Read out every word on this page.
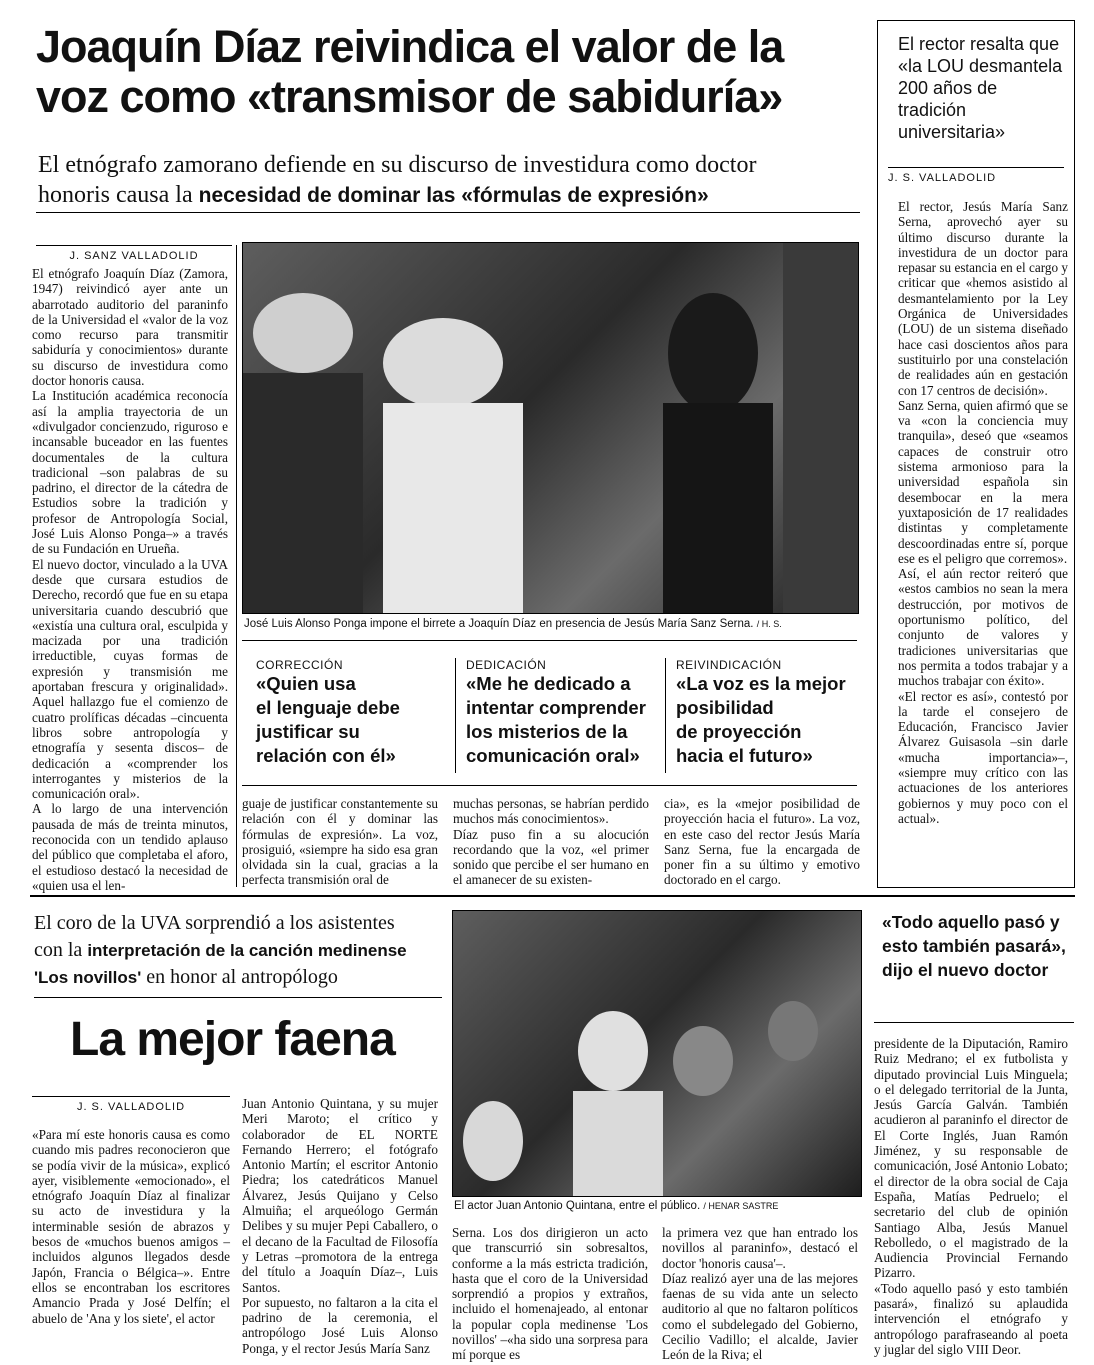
Joaquín Díaz reivindica el valor de la
voz como «transmisor de sabiduría»
El etnógrafo zamorano defiende en su discurso de investidura como doctor
honoris causa la necesidad de dominar las «fórmulas de expresión»
J. SANZ VALLADOLID

El etnógrafo Joaquín Díaz (Zamora, 1947) reivindicó ayer ante un abarrotado auditorio del paraninfo de la Universidad el «valor de la voz como recurso para transmitir sabiduría y conocimientos» durante su discurso de investidura como doctor honoris causa.
La Institución académica reconocía así la amplia trayectoria de un «divulgador concienzudo, riguroso e incansable buceador en las fuentes documentales de la cultura tradicional –son palabras de su padrino, el director de la cátedra de Estudios sobre la tradición y profesor de Antropología Social, José Luis Alonso Ponga–» a través de su Fundación en Urueña.
El nuevo doctor, vinculado a la UVA desde que cursara estudios de Derecho, recordó que fue en su etapa universitaria cuando descubrió que «existía una cultura oral, esculpida y macizada por una tradición irreductible, cuyas formas de expresión y transmisión me aportaban frescura y originalidad». Aquel hallazgo fue el comienzo de cuatro prolíficas décadas –cincuenta libros sobre antropología y etnografía y sesenta discos– de dedicación a «comprender los interrogantes y misterios de la comunicación oral».
A lo largo de una intervención pausada de más de treinta minutos, reconocida con un tendido aplauso del público que completaba el aforo, el estudioso destacó la necesidad de «quien usa el len-

José Luis Alonso Ponga impone el birrete a Joaquín Díaz en presencia de Jesús María Sanz Serna. / H. S.
CORRECCIÓN
«Quien usa
el lenguaje debe
justificar su
relación con él»
DEDICACIÓN
«Me he dedicado a
intentar comprender
los misterios de la
comunicación oral»
REIVINDICACIÓN
«La voz es la mejor
posibilidad
de proyección
hacia el futuro»

guaje de justificar constantemente su relación con él y dominar las fórmulas de expresión». La voz, prosiguió, «siempre ha sido esa gran olvidada sin la cual, gracias a la perfecta transmisión oral de

muchas personas, se habrían perdido muchos más conocimientos».
Díaz puso fin a su alocución recordando que la voz, «el primer sonido que percibe el ser humano en el amanecer de su existen-

cia», es la «mejor posibilidad de proyección hacia el futuro». La voz, en este caso del rector Jesús María Sanz Serna, fue la encargada de poner fin a su último y emotivo doctorado en el cargo.

El rector resalta que «la LOU desmantela 200 años de tradición universitaria»
J. S. VALLADOLID

El rector, Jesús María Sanz Serna, aprovechó ayer su último discurso durante la investidura de un doctor para repasar su estancia en el cargo y criticar que «hemos asistido al desmantelamiento por la Ley Orgánica de Universidades (LOU) de un sistema diseñado hace casi doscientos años para sustituirlo por una constelación de realidades aún en gestación con 17 centros de decisión».
Sanz Serna, quien afirmó que se va «con la conciencia muy tranquila», deseó que «seamos capaces de construir otro sistema armonioso para la universidad española sin desembocar en la mera yuxtaposición de 17 realidades distintas y completamente descoordinadas entre sí, porque ese es el peligro que corremos».
Así, el aún rector reiteró que «estos cambios no sean la mera destrucción, por motivos de oportunismo político, del conjunto de valores y tradiciones universitarias que nos permita a todos trabajar y a muchos trabajar con éxito».
«El rector es así», contestó por la tarde el consejero de Educación, Francisco Javier Álvarez Guisasola –sin darle «mucha importancia»–, «siempre muy crítico con las actuaciones de los anteriores gobiernos y muy poco con el actual».

El coro de la UVA sorprendió a los asistentes
con la interpretación de la canción medinense
'Los novillos' en honor al antropólogo
La mejor faena
J. S. VALLADOLID

«Para mí este honoris causa es como cuando mis padres reconocieron que se podía vivir de la música», explicó ayer, visiblemente «emocionado», el etnógrafo Joaquín Díaz al finalizar su acto de investidura y la interminable sesión de abrazos y besos de «muchos buenos amigos –incluidos algunos llegados desde Japón, Francia o Bélgica–». Entre ellos se encontraban los escritores Amancio Prada y José Delfín; el abuelo de 'Ana y los siete', el actor

Juan Antonio Quintana, y su mujer Meri Maroto; el crítico y colaborador de EL NORTE Fernando Herrero; el fotógrafo Antonio Martín; el escritor Antonio Piedra; los catedráticos Manuel Álvarez, Jesús Quijano y Celso Almuiña; el arqueólogo Germán Delibes y su mujer Pepi Caballero, o el decano de la Facultad de Filosofía y Letras –promotora de la entrega del título a Joaquín Díaz–, Luis Santos.
Por supuesto, no faltaron a la cita el padrino de la ceremonia, el antropólogo José Luis Alonso Ponga, y el rector Jesús María Sanz

El actor Juan Antonio Quintana, entre el público. / HENAR SASTRE

Serna. Los dos dirigieron un acto que transcurrió sin sobresaltos, conforme a la más estricta tradición, hasta que el coro de la Universidad sorprendió a propios y extraños, incluido el homenajeado, al entonar la popular copla medinense 'Los novillos' –«ha sido una sorpresa para mí porque es

la primera vez que han entrado los novillos al paraninfo», destacó el doctor 'honoris causa'–.
Díaz realizó ayer una de las mejores faenas de su vida ante un selecto auditorio al que no faltaron políticos como el subdelegado del Gobierno, Cecilio Vadillo; el alcalde, Javier León de la Riva; el

«Todo aquello pasó y esto también pasará», dijo el nuevo doctor

presidente de la Diputación, Ramiro Ruiz Medrano; el ex futbolista y diputado provincial Luis Minguela; o el delegado territorial de la Junta, Jesús García Galván. También acudieron al paraninfo el director de El Corte Inglés, Juan Ramón Jiménez, y su responsable de comunicación, José Antonio Lobato; el director de la obra social de Caja España, Matías Pedruelo; el secretario del club de opinión Santiago Alba, Jesús Manuel Rebolledo, o el magistrado de la Audiencia Provincial Fernando Pizarro.
«Todo aquello pasó y esto también pasará», finalizó su aplaudida intervención el etnógrafo y antropólogo parafraseando al poeta y juglar del siglo VIII Deor.
